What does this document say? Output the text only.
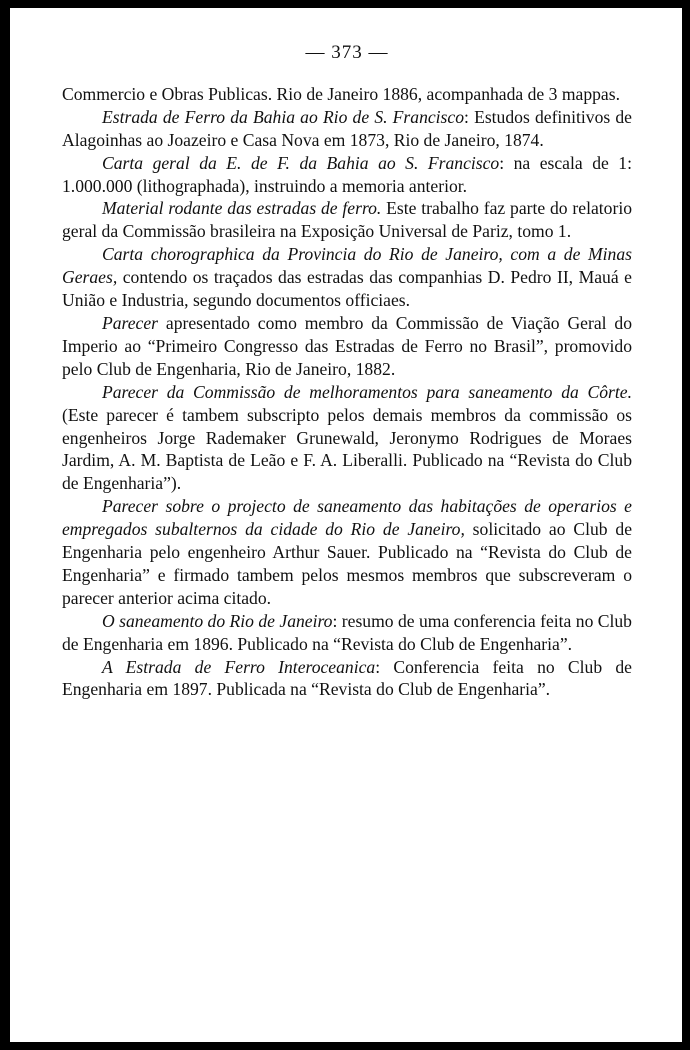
— 373 —

Commercio e Obras Publicas. Rio de Janeiro 1886, acompanhada de 3 mappas.

Estrada de Ferro da Bahia ao Rio de S. Francisco: Estudos definitivos de Alagoinhas ao Joazeiro e Casa Nova em 1873, Rio de Janeiro, 1874.

Carta geral da E. de F. da Bahia ao S. Francisco: na escala de 1: 1.000.000 (lithographada), instruindo a memoria anterior.

Material rodante das estradas de ferro. Este trabalho faz parte do relatorio geral da Commissão brasileira na Exposição Universal de Pariz, tomo 1.

Carta chorographica da Provincia do Rio de Janeiro, com a de Minas Geraes, contendo os traçados das estradas das companhias D. Pedro II, Mauá e União e Industria, segundo documentos officiaes.

Parecer apresentado como membro da Commissão de Viação Geral do Imperio ao “Primeiro Congresso das Estradas de Ferro no Brasil”, promovido pelo Club de Engenharia, Rio de Janeiro, 1882.

Parecer da Commissão de melhoramentos para saneamento da Côrte. (Este parecer é tambem subscripto pelos demais membros da commissão os engenheiros Jorge Rademaker Grunewald, Jeronymo Rodrigues de Moraes Jardim, A. M. Baptista de Leão e F. A. Liberalli. Publicado na “Revista do Club de Engenharia”).

Parecer sobre o projecto de saneamento das habitações de operarios e empregados subalternos da cidade do Rio de Janeiro, solicitado ao Club de Engenharia pelo engenheiro Arthur Sauer. Publicado na “Revista do Club de Engenharia” e firmado tambem pelos mesmos membros que subscreveram o parecer anterior acima citado.

O saneamento do Rio de Janeiro: resumo de uma conferencia feita no Club de Engenharia em 1896. Publicado na “Revista do Club de Engenharia”.

A Estrada de Ferro Interoceanica: Conferencia feita no Club de Engenharia em 1897. Publicada na “Revista do Club de Engenharia”.
